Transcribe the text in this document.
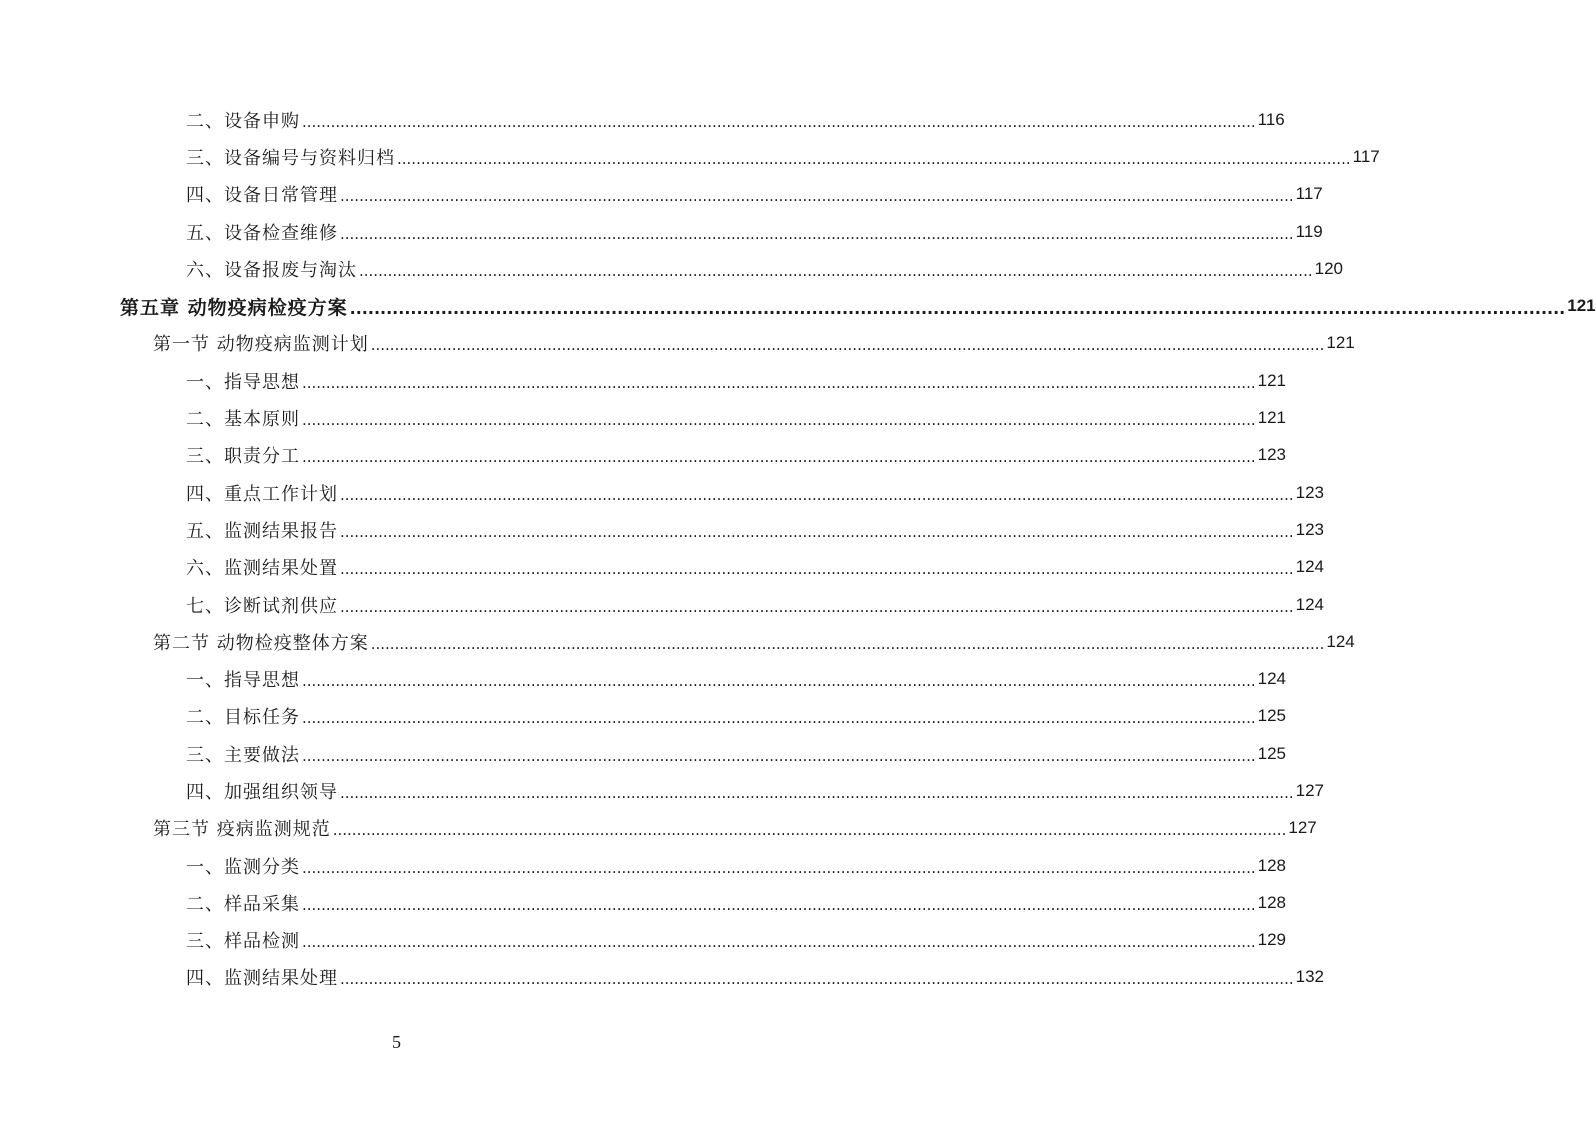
二、设备申购 ........................................................................................................................................................................................................ 116
三、设备编号与资料归档 ........................................................................................................................................................................................................ 117
四、设备日常管理 ........................................................................................................................................................................................................ 117
五、设备检查维修 ........................................................................................................................................................................................................ 119
六、设备报废与淘汰 ........................................................................................................................................................................................................ 120
第五章 动物疫病检疫方案 ........................................................................................................................................................................................................ 121
第一节 动物疫病监测计划 ........................................................................................................................................................................................................ 121
一、指导思想 ........................................................................................................................................................................................................ 121
二、基本原则 ........................................................................................................................................................................................................ 121
三、职责分工 ........................................................................................................................................................................................................ 123
四、重点工作计划 ........................................................................................................................................................................................................ 123
五、监测结果报告 ........................................................................................................................................................................................................ 123
六、监测结果处置 ........................................................................................................................................................................................................ 124
七、诊断试剂供应 ........................................................................................................................................................................................................ 124
第二节 动物检疫整体方案 ........................................................................................................................................................................................................ 124
一、指导思想 ........................................................................................................................................................................................................ 124
二、目标任务 ........................................................................................................................................................................................................ 125
三、主要做法 ........................................................................................................................................................................................................ 125
四、加强组织领导 ........................................................................................................................................................................................................ 127
第三节 疫病监测规范 ........................................................................................................................................................................................................ 127
一、监测分类 ........................................................................................................................................................................................................ 128
二、样品采集 ........................................................................................................................................................................................................ 128
三、样品检测 ........................................................................................................................................................................................................ 129
四、监测结果处理 ........................................................................................................................................................................................................ 132
5
